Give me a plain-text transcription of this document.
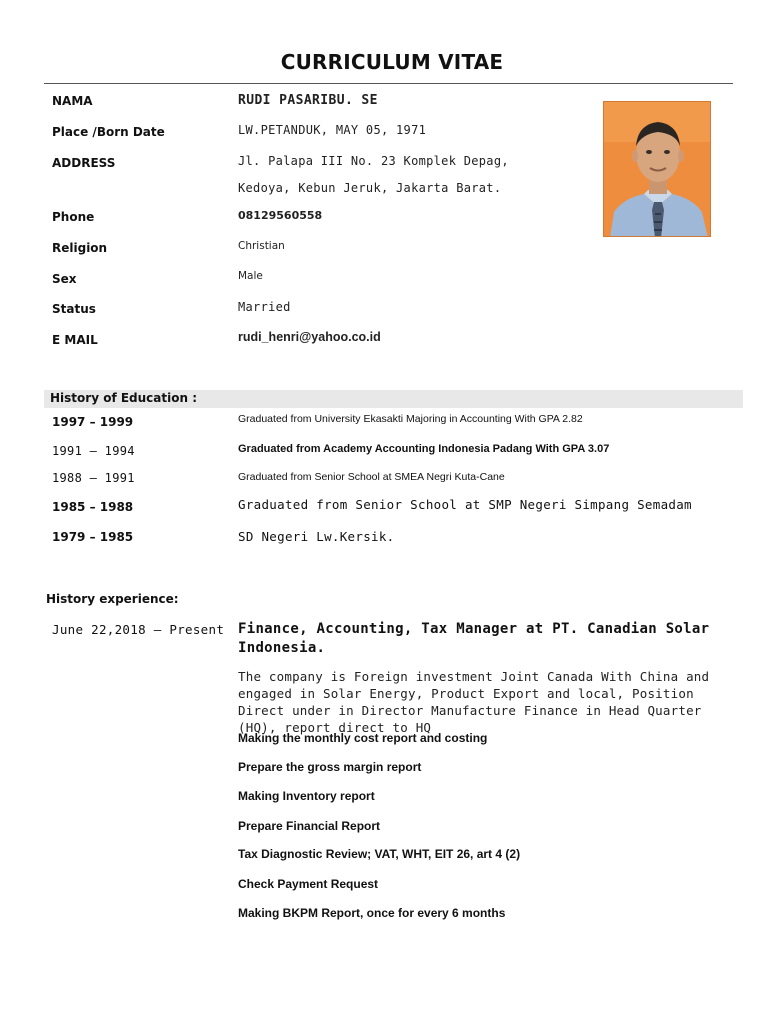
CURRICULUM VITAE
NAMA	RUDI PASARIBU. SE
Place /Born Date	LW.PETANDUK, MAY 05, 1971
ADDRESS	Jl. Palapa III No. 23 Komplek Depag,
Kedoya, Kebun Jeruk, Jakarta Barat.
Phone	08129560558
Religion	Christian
Sex	Male
Status	Married
E MAIL	rudi_henri@yahoo.co.id
History of Education :
1997 – 1999	Graduated from University Ekasakti Majoring in Accounting With GPA 2.82
1991 – 1994	Graduated from Academy Accounting Indonesia Padang With GPA 3.07
1988 – 1991	Graduated from Senior School at SMEA Negri Kuta-Cane
1985 – 1988	Graduated from Senior School at SMP Negeri Simpang Semadam
1979 – 1985	SD Negeri Lw.Kersik.
History experience:
June 22,2018 – Present Finance, Accounting, Tax Manager at PT. Canadian Solar Indonesia.
The company is Foreign investment Joint Canada With China and engaged in Solar Energy, Product Export and local, Position Direct under in Director Manufacture Finance in Head Quarter (HQ), report direct to HQ
Making the monthly cost report and costing
Prepare the gross margin report
Making Inventory report
Prepare Financial Report
Tax Diagnostic Review; VAT, WHT, EIT 26, art 4 (2)
Check Payment Request
Making BKPM Report, once for every 6 months
